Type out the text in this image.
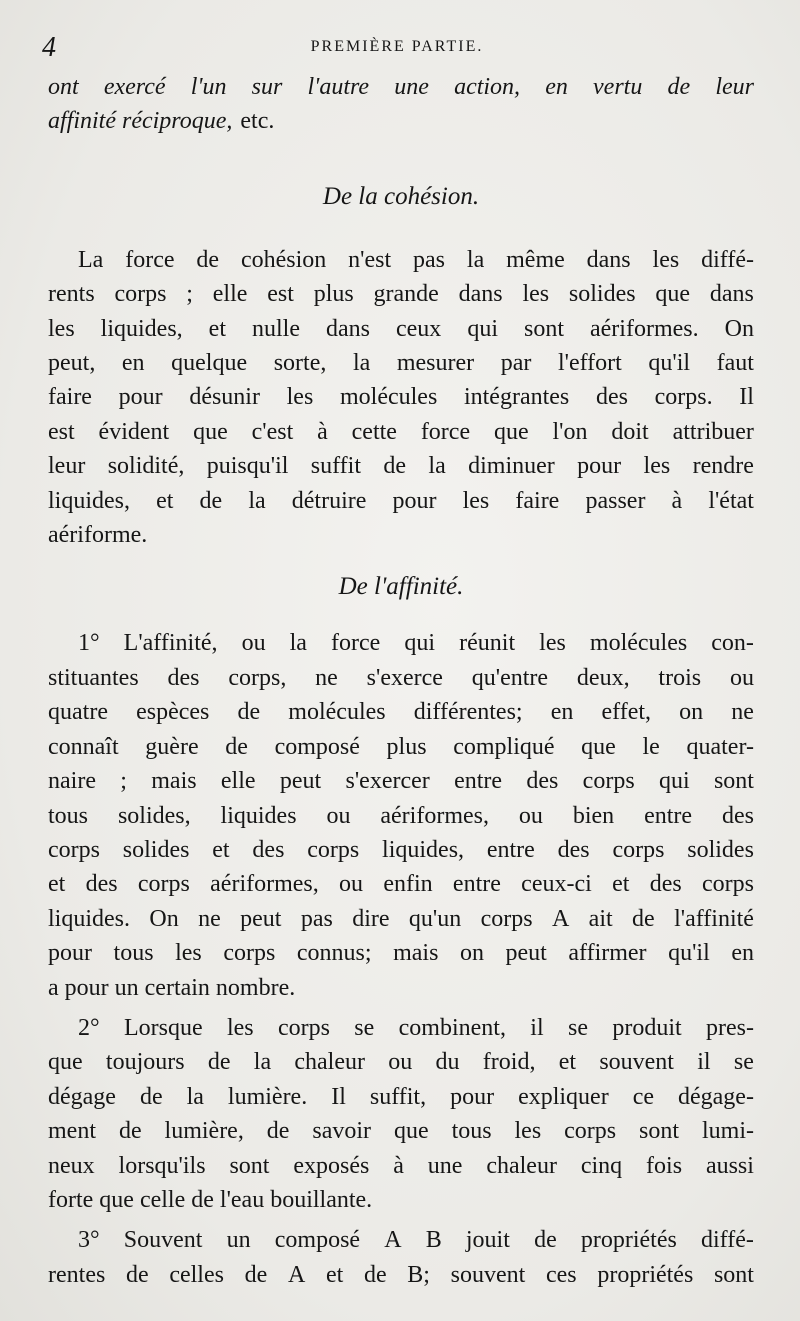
4	PREMIÈRE PARTIE.
ont exercé l'un sur l'autre une action, en vertu de leur
affinité réciproque, etc.
De la cohésion.
La force de cohésion n'est pas la même dans les diffé-
rents corps ; elle est plus grande dans les solides que dans
les liquides, et nulle dans ceux qui sont aériformes. On
peut, en quelque sorte, la mesurer par l'effort qu'il faut
faire pour désunir les molécules intégrantes des corps. Il
est évident que c'est à cette force que l'on doit attribuer
leur solidité, puisqu'il suffit de la diminuer pour les rendre
liquides, et de la détruire pour les faire passer à l'état
aériforme.
De l'affinité.
1° L'affinité, ou la force qui réunit les molécules con-
stituantes des corps, ne s'exerce qu'entre deux, trois ou
quatre espèces de molécules différentes; en effet, on ne
connaît guère de composé plus compliqué que le quater-
naire ; mais elle peut s'exercer entre des corps qui sont
tous solides, liquides ou aériformes, ou bien entre des
corps solides et des corps liquides, entre des corps solides
et des corps aériformes, ou enfin entre ceux-ci et des corps
liquides. On ne peut pas dire qu'un corps A ait de l'affinité
pour tous les corps connus; mais on peut affirmer qu'il en
a pour un certain nombre.
2° Lorsque les corps se combinent, il se produit pres-
que toujours de la chaleur ou du froid, et souvent il se
dégage de la lumière. Il suffit, pour expliquer ce dégage-
ment de lumière, de savoir que tous les corps sont lumi-
neux lorsqu'ils sont exposés à une chaleur cinq fois aussi
forte que celle de l'eau bouillante.
3° Souvent un composé A B jouit de propriétés diffé-
rentes de celles de A et de B; souvent ces propriétés sont
